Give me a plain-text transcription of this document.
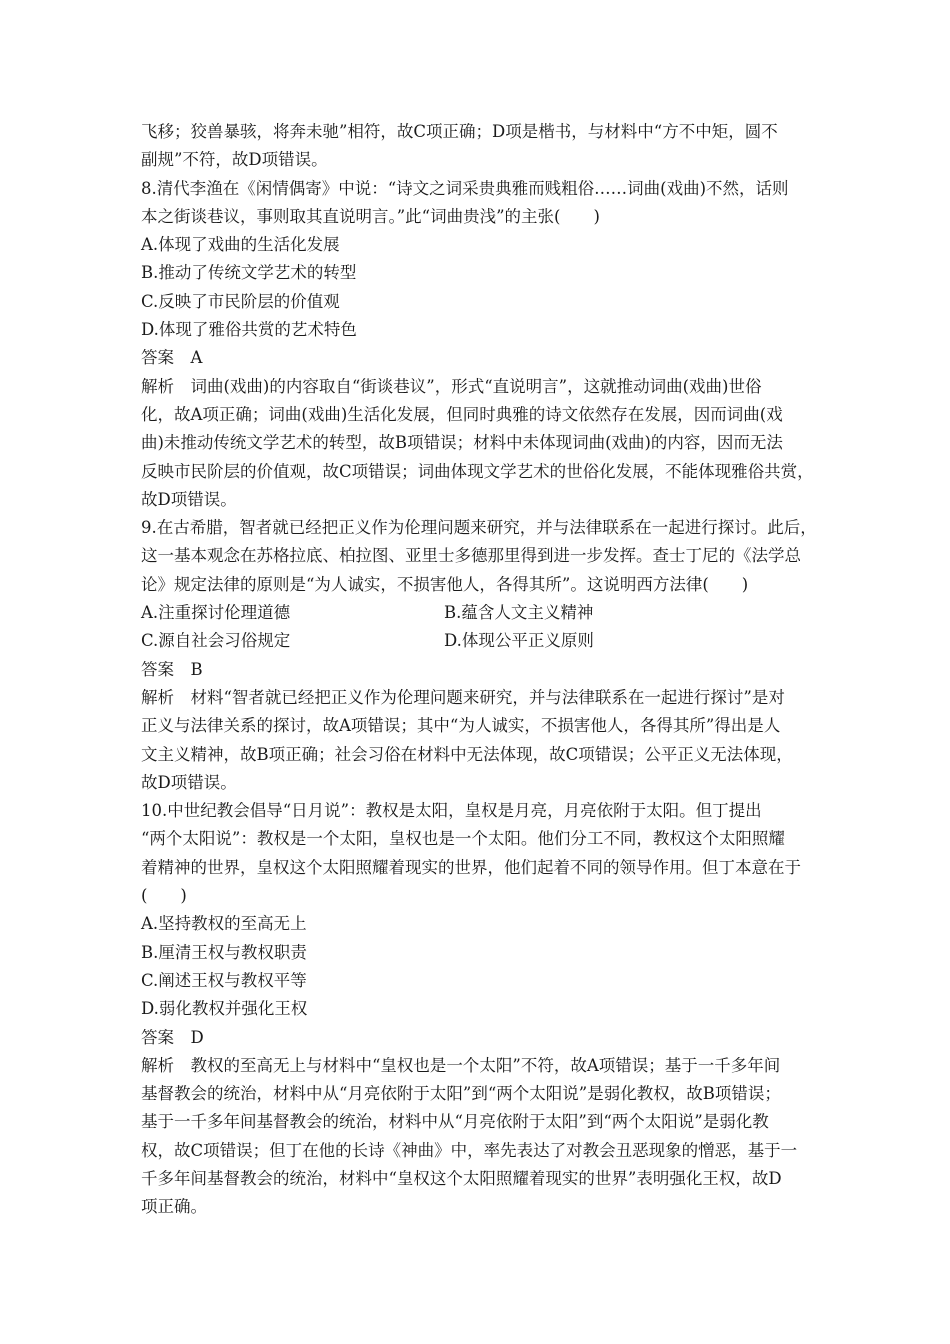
飞移；狡兽暴骇，将奔未驰”相符，故C项正确；D项是楷书，与材料中“方不中矩，圆不
副规”不符，故D项错误。
8.清代李渔在《闲情偶寄》中说：“诗文之词采贵典雅而贱粗俗……词曲(戏曲)不然，话则
本之街谈巷议，事则取其直说明言。”此“词曲贵浅”的主张(　　)
A.体现了戏曲的生活化发展
B.推动了传统文学艺术的转型
C.反映了市民阶层的价值观
D.体现了雅俗共赏的艺术特色
答案　A
解析　词曲(戏曲)的内容取自“街谈巷议”，形式“直说明言”，这就推动词曲(戏曲)世俗
化，故A项正确；词曲(戏曲)生活化发展，但同时典雅的诗文依然存在发展，因而词曲(戏
曲)未推动传统文学艺术的转型，故B项错误；材料中未体现词曲(戏曲)的内容，因而无法
反映市民阶层的价值观，故C项错误；词曲体现文学艺术的世俗化发展，不能体现雅俗共赏，
故D项错误。
9.在古希腊，智者就已经把正义作为伦理问题来研究，并与法律联系在一起进行探讨。此后，
这一基本观念在苏格拉底、柏拉图、亚里士多德那里得到进一步发挥。查士丁尼的《法学总
论》规定法律的原则是“为人诚实，不损害他人，各得其所”。这说明西方法律(　　)
A.注重探讨伦理道德	B.蕴含人文主义精神
C.源自社会习俗规定	D.体现公平正义原则
答案　B
解析　材料“智者就已经把正义作为伦理问题来研究，并与法律联系在一起进行探讨”是对
正义与法律关系的探讨，故A项错误；其中“为人诚实，不损害他人，各得其所”得出是人
文主义精神，故B项正确；社会习俗在材料中无法体现，故C项错误；公平正义无法体现，
故D项错误。
10.中世纪教会倡导“日月说”：教权是太阳，皇权是月亮，月亮依附于太阳。但丁提出
“两个太阳说”：教权是一个太阳，皇权也是一个太阳。他们分工不同，教权这个太阳照耀
着精神的世界，皇权这个太阳照耀着现实的世界，他们起着不同的领导作用。但丁本意在于
(　　)
A.坚持教权的至高无上
B.厘清王权与教权职责
C.阐述王权与教权平等
D.弱化教权并强化王权
答案　D
解析　教权的至高无上与材料中“皇权也是一个太阳”不符，故A项错误；基于一千多年间
基督教会的统治，材料中从“月亮依附于太阳”到“两个太阳说”是弱化教权，故B项错误；
基于一千多年间基督教会的统治，材料中从“月亮依附于太阳”到“两个太阳说”是弱化教
权，故C项错误；但丁在他的长诗《神曲》中，率先表达了对教会丑恶现象的憎恶，基于一
千多年间基督教会的统治，材料中“皇权这个太阳照耀着现实的世界”表明强化王权，故D
项正确。
